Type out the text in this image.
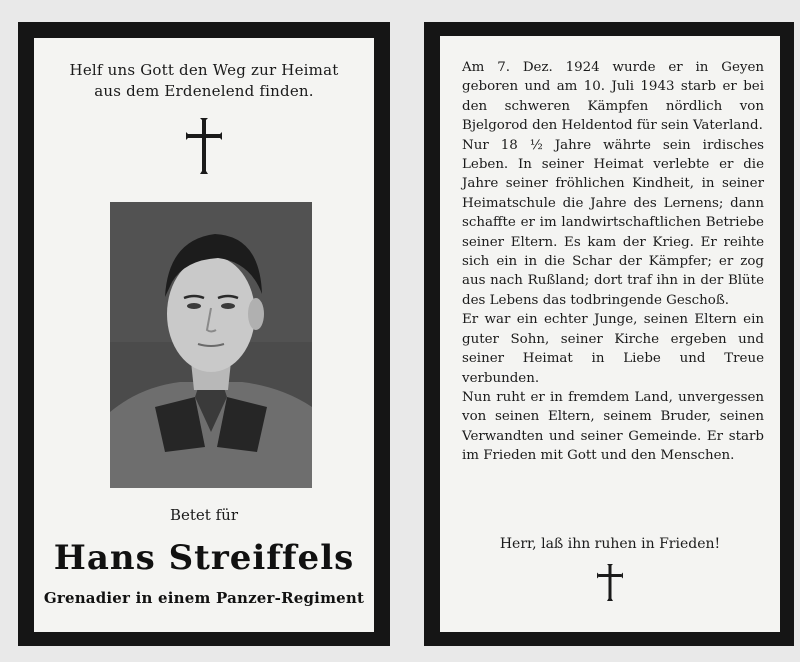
Helf uns Gott den Weg zur Heimat
aus dem Erdenelend finden.
Betet für
Hans Streiffels
Grenadier in einem Panzer-Regiment

Am 7. Dez. 1924 wurde er in Geyen geboren und am 10. Juli 1943 starb er bei den schweren Kämpfen nördlich von Bjelgorod den Heldentod für sein Vaterland.

Nur 18 ½ Jahre währte sein irdisches Leben. In seiner Heimat verlebte er die Jahre seiner fröhlichen Kindheit, in seiner Heimatschule die Jahre des Lernens; dann schaffte er im landwirtschaftlichen Betriebe seiner Eltern. Es kam der Krieg. Er reihte sich ein in die Schar der Kämpfer; er zog aus nach Rußland; dort traf ihn in der Blüte des Lebens das todbringende Geschoß.

Er war ein echter Junge, seinen Eltern ein guter Sohn, seiner Kirche ergeben und seiner Heimat in Liebe und Treue verbunden.

Nun ruht er in fremdem Land, unvergessen von seinen Eltern, seinem Bruder, seinen Verwandten und seiner Gemeinde. Er starb im Frieden mit Gott und den Menschen.

Herr, laß ihn ruhen in Frieden!
